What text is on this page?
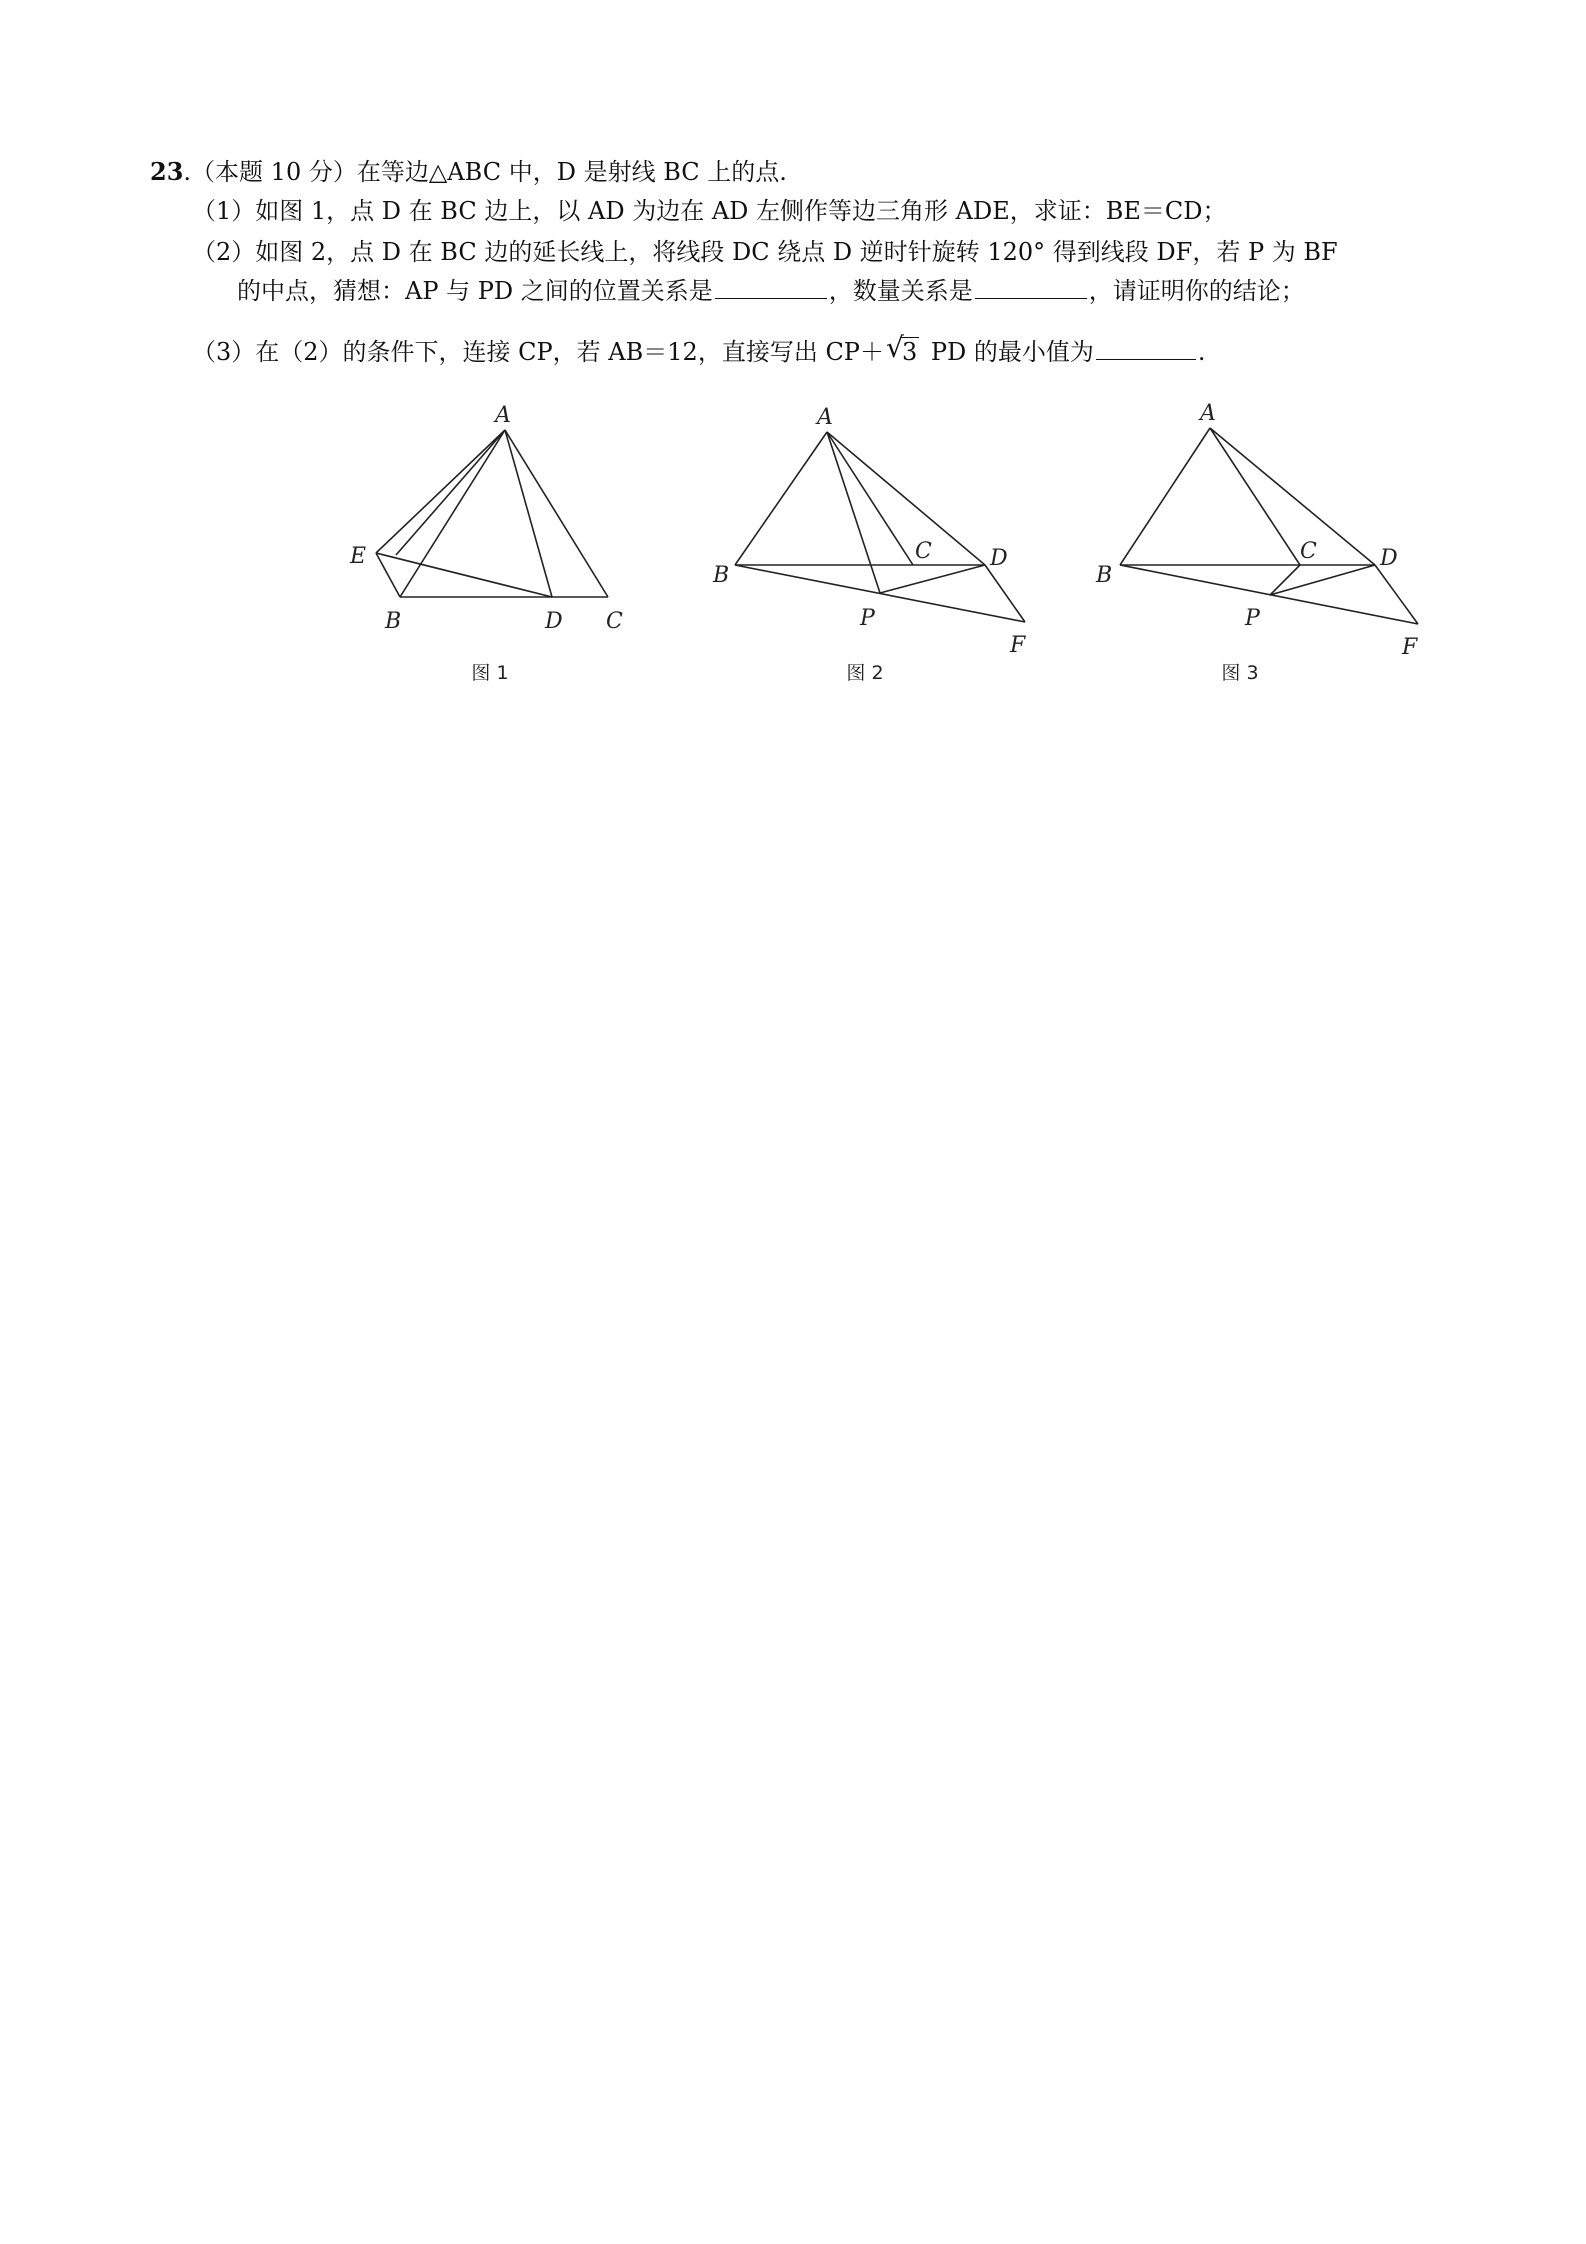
23.（本题 10 分）在等边△ABC 中，D 是射线 BC 上的点.
（1）如图 1，点 D 在 BC 边上，以 AD 为边在 AD 左侧作等边三角形 ADE，求证：BE＝CD；
（2）如图 2，点 D 在 BC 边的延长线上，将线段 DC 绕点 D 逆时针旋转 120° 得到线段 DF，若 P 为 BF
的中点，猜想：AP 与 PD 之间的位置关系是	，数量关系是	，请证明你的结论；
（3）在（2）的条件下，连接 CP，若 AB＝12，直接写出 CP＋ √
3 PD 的最小值为	.
A
E
B	D C
图 1
A
C	D
B
P
F
图 2
A
C	D
B
P
F
图 3
